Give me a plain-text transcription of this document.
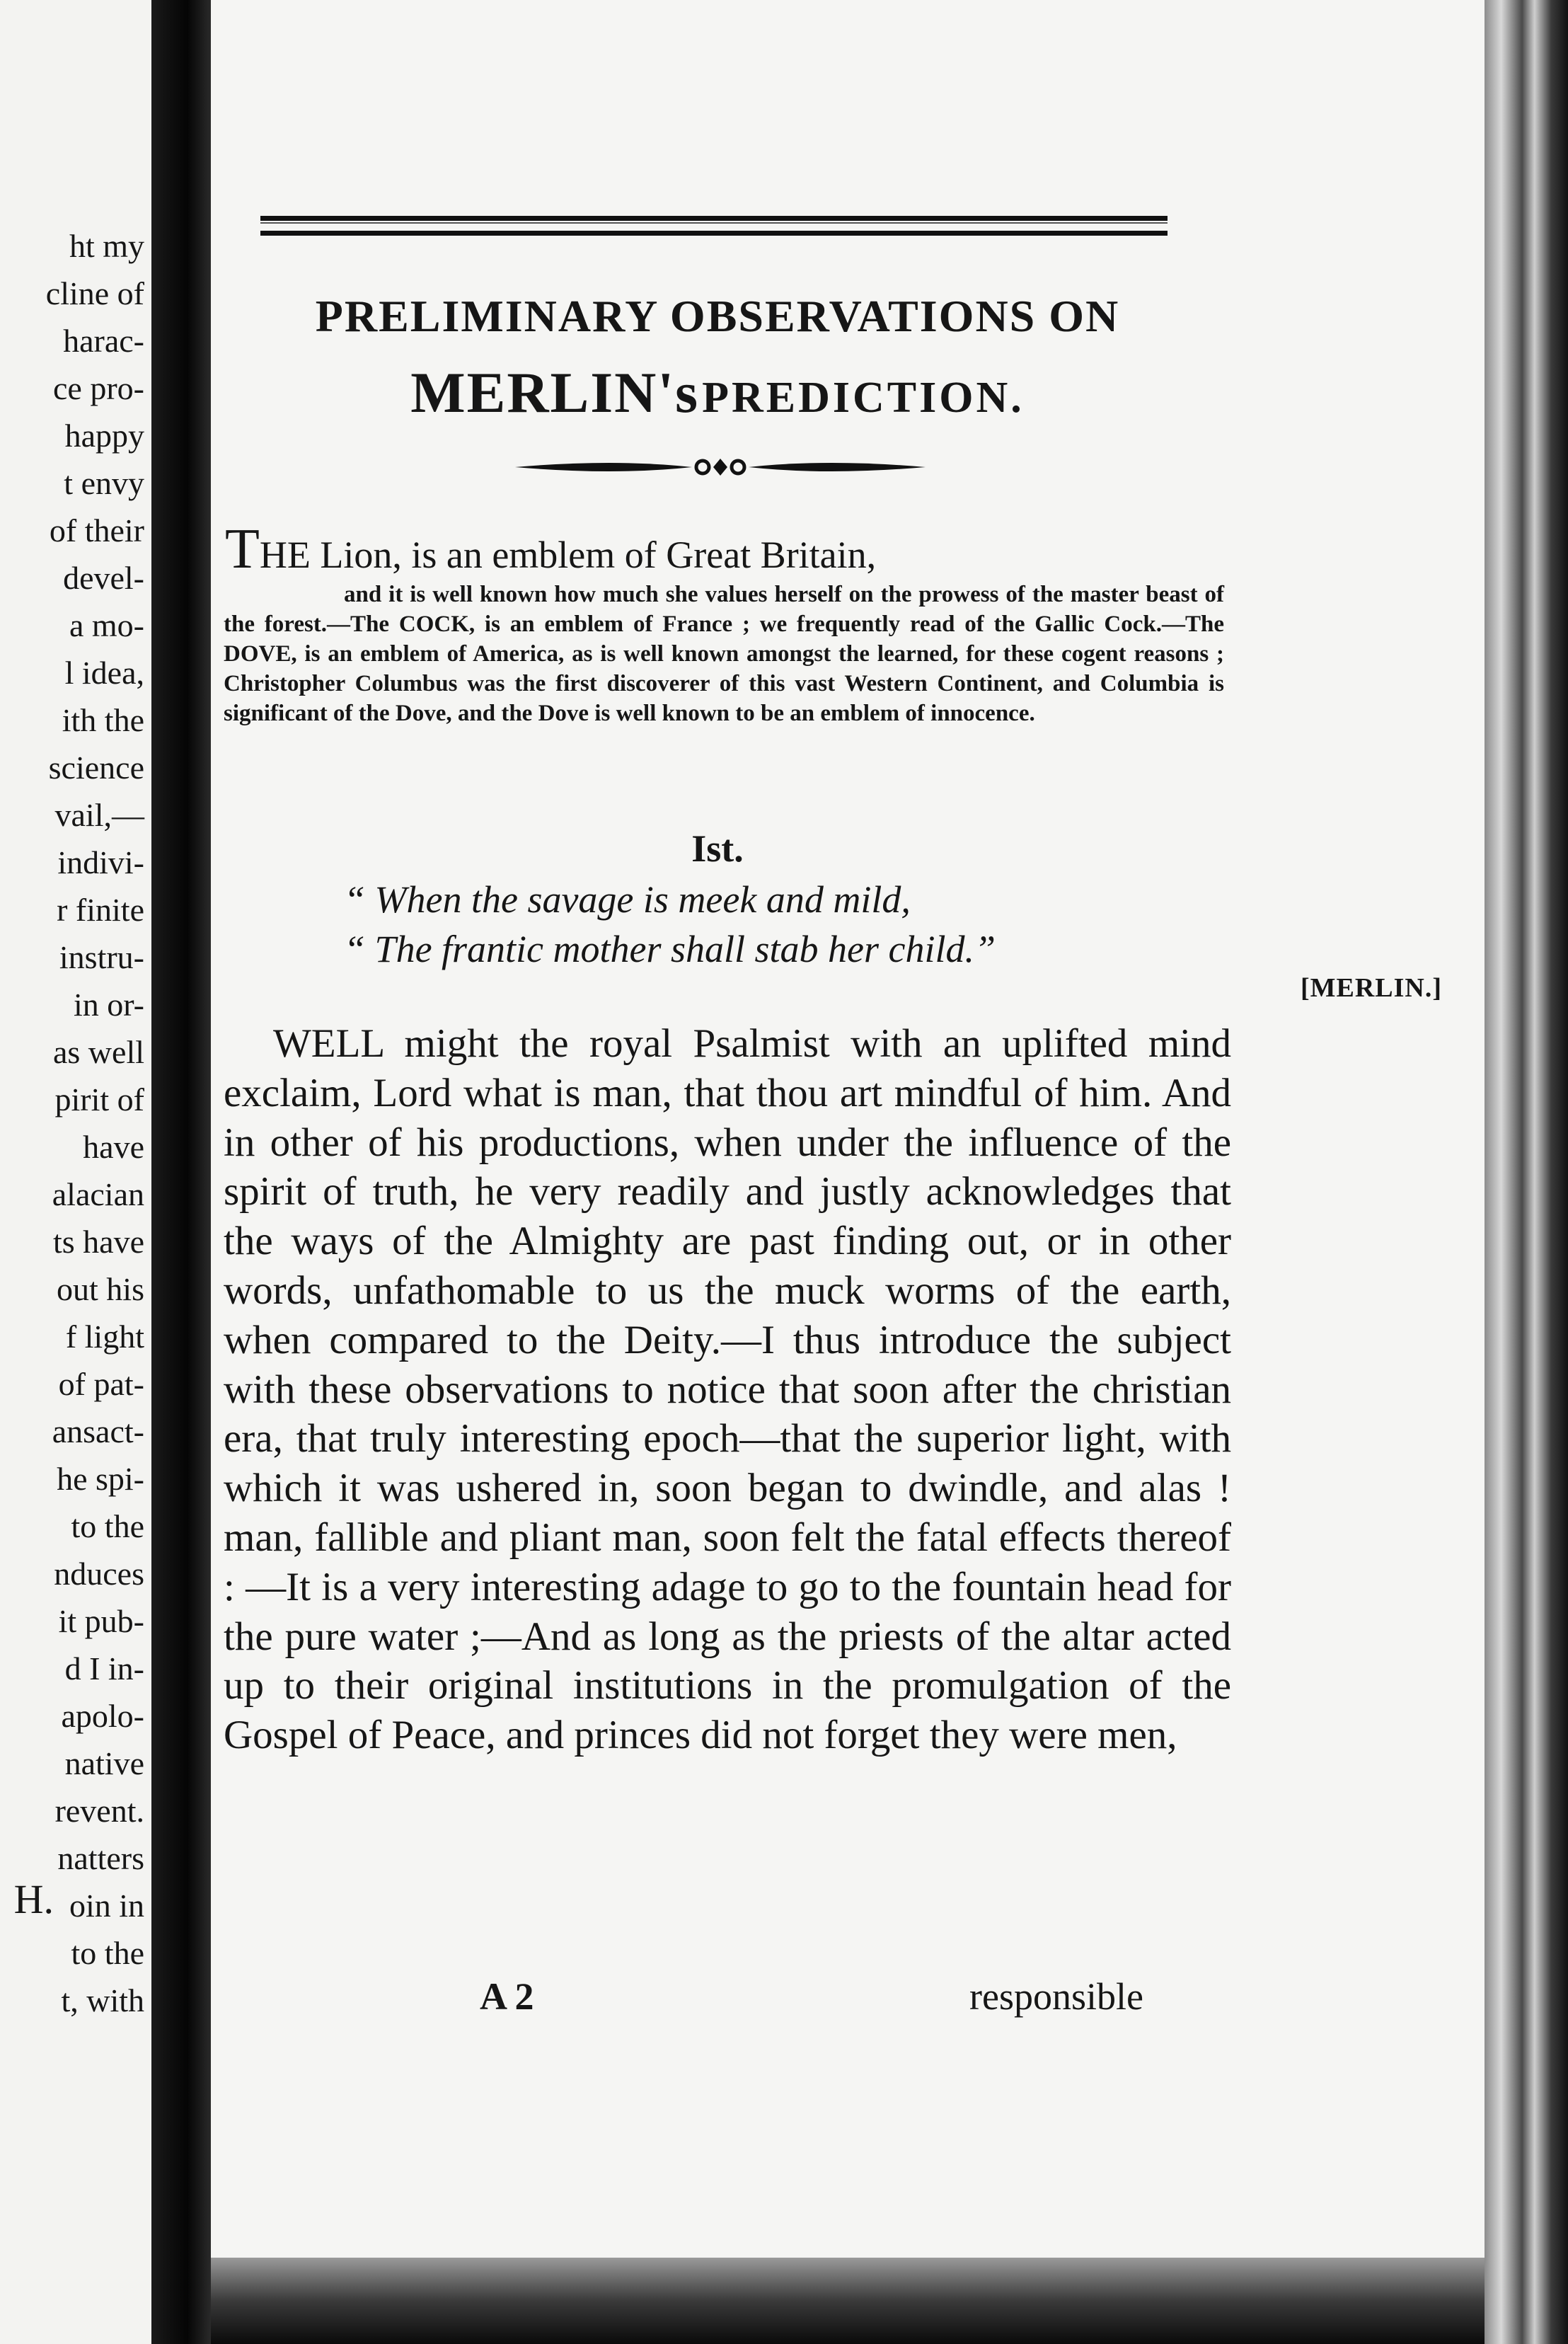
ht my
cline of
harac-
ce pro-
happy
t envy
of their
devel-
a mo-
l idea,
ith the
science
vail,—
indivi-
r finite
instru-
in or-
as well
pirit of
have
alacian
ts have
out his
f light
of pat-
ansact-
he spi-
to the
nduces
it pub-
d I in-
apolo-
native
revent.
natters
oin in
to the
t, with
H.
PRELIMINARY OBSERVATIONS ON
MERLIN's PREDICTION.
THE Lion, is an emblem of Great Britain,
and it is well known how much she values herself on the prowess of the master beast of the forest.—The COCK, is an emblem of France ; we frequently read of the Gallic Cock.—The DOVE, is an emblem of America, as is well known amongst the learned, for these cogent reasons ; Christopher Columbus was the first discoverer of this vast Western Continent, and Columbia is significant of the Dove, and the Dove is well known to be an emblem of innocence.
Ist.
“ When the savage is meek and mild,
“ The frantic mother shall stab her child.”
[MERLIN.]

WELL might the royal Psalmist with an uplifted mind exclaim, Lord what is man, that thou art mindful of him. And in other of his productions, when under the influence of the spirit of truth, he very readily and justly acknowledges that the ways of the Almighty are past finding out, or in other words, unfathomable to us the muck worms of the earth, when compared to the Deity.—I thus introduce the subject with these observations to notice that soon after the christian era, that truly interesting epoch—that the superior light, with which it was ushered in, soon began to dwindle, and alas ! man, fallible and pliant man, soon felt the fatal effects thereof : —It is a very interesting adage to go to the fountain head for the pure water ;—And as long as the priests of the altar acted up to their original institutions in the promulgation of the Gospel of Peace, and princes did not forget they were men,

A 2	responsible
